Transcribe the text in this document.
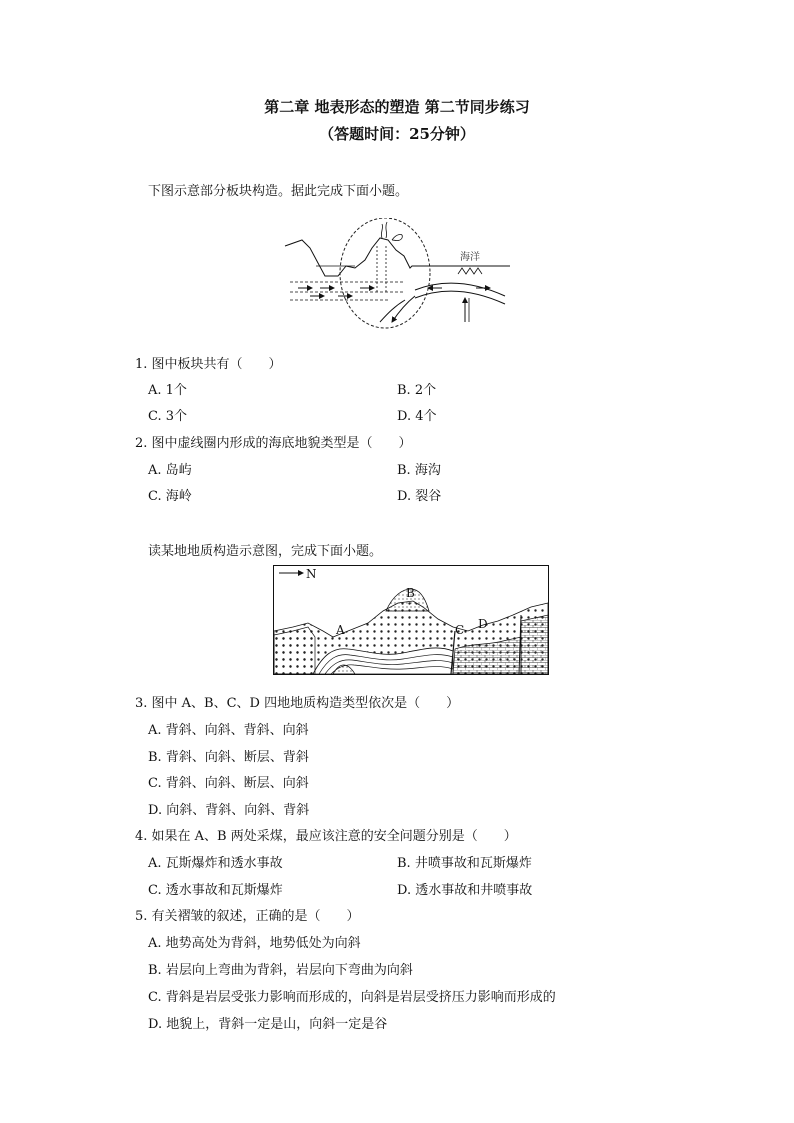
第二章 地表形态的塑造 第二节同步练习
（答题时间：25分钟）
下图示意部分板块构造。据此完成下面小题。
海洋
1. 图中板块共有（　　）
A. 1个	B. 2个
C. 3个	D. 4个
2. 图中虚线圈内形成的海底地貌类型是（　　）
A. 岛屿	B. 海沟
C. 海岭	D. 裂谷
读某地地质构造示意图，完成下面小题。
N
A
B
C D
3. 图中 A、B、C、D 四地地质构造类型依次是（　　）
A. 背斜、向斜、背斜、向斜
B. 背斜、向斜、断层、背斜
C. 背斜、向斜、断层、向斜
D. 向斜、背斜、向斜、背斜
4. 如果在 A、B 两处采煤，最应该注意的安全问题分别是（　　）
A. 瓦斯爆炸和透水事故	B. 井喷事故和瓦斯爆炸
C. 透水事故和瓦斯爆炸	D. 透水事故和井喷事故
5. 有关褶皱的叙述，正确的是（　　）
A. 地势高处为背斜，地势低处为向斜
B. 岩层向上弯曲为背斜，岩层向下弯曲为向斜
C. 背斜是岩层受张力影响而形成的，向斜是岩层受挤压力影响而形成的
D. 地貌上，背斜一定是山，向斜一定是谷
